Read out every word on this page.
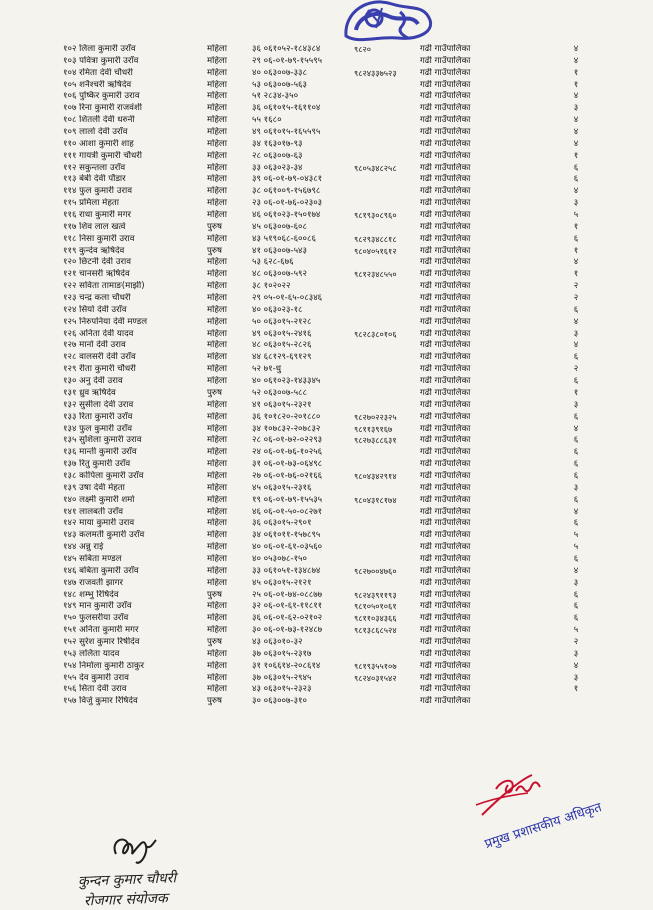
१०२ लिला कुमारी उराँव	महिला	३६ ०६१०५२-१८४३८४	९८२०	गढी गाउँपालिका	४
१०३ पवित्रा कुमारी उराँव	महिला	२९ ०६-०१-७९-१५५९५	गढी गाउँपालिका	४
१०४ रमिता देवी चौधरी	महिला	४० ०६३००७-३३८	९८२४३३७५२३	गढी गाउँपालिका	१
१०५ शनैश्चरी ऋषिदेव	महिला	५३ ०६३००७-५६३	गढी गाउँपालिका	१
१०६ पुष्किर कुमारी उराव	महिला	५१ २८३४-३५०	गढी गाउँपालिका	४
१०७ रिना कुमारी राजवंशी	महिला	३६ ०६१०१५-१६११०४	गढी गाउँपालिका	३
१०८ शितली देवी धरुनी	महिला	५५ १६८०	गढी गाउँपालिका	४
१०९ लालो देवी उराँव	महिला	४९ ०६१०१५-१६५५९५	गढी गाउँपालिका	४
११० आशा कुमारी शाह	महिला	३४ १६३०१७-९३	गढी गाउँपालिका	४
१११ गायत्री कुमारी चौधरी	महिला	२८ ०६३००७-६३	गढी गाउँपालिका	१
११२ सकुन्तला उराँव	महिला	३३ ०६३०२३-३४	९८०५३४८२५८	गढी गाउँपालिका	६
११३ बेबी देवी पौंडार	महिला	३९ ०६-०१-७९-०४३८१	गढी गाउँपालिका	६
११४ फुल कुमारी उराव	महिला	३८ ०६१००९-१५६७९८	गढी गाउँपालिका	४
११५ प्रमिला मेहता	महिला	२३ ०६-०१-७६-०२३०३	गढी गाउँपालिका	३
११६ राधा कुमारी मगर	महिला	४६ ०६१०२३-१५०१७४	९८१९३०८९६०	गढी गाउँपालिका	५
११७ शिव लाल खत्वे	पुरुष	४५ ०६३००७-६०८	गढी गाउँपालिका	१
११८ निसा कुमारी उराव	महिला	४३ ५१९०६८-६००८६	९८२९३४८८१८	गढी गाउँपालिका	६
११९ कुन्देव ऋषिदेव	पुरुष	४१ ०६३००७-५४३	९८०४०५१६१२	गढी गाउँपालिका	१
१२० छिटनी देवी उराव	महिला	५३ ६२८-६७६	गढी गाउँपालिका	४
१२१ चानसरी ऋषिदेव	महिला	४८ ०६३००७-५९२	९८१२३४८५५०	गढी गाउँपालिका	१
१२२ सविता तामाङ(माझी)	महिला	३८ १०२०२२	गढी गाउँपालिका	२
१२३ चन्द्र कला चौधरी	महिला	२९ ०५-०१-६५-०८३४६	गढी गाउँपालिका	२
१२४ सियो देवी उराँव	महिला	४० ०६३०२३-१८	गढी गाउँपालिका	६
१२५ निरुपनिया देवी मण्डल	महिला	५० ०६३०१५-२१२८	गढी गाउँपालिका	४
१२६ अनिता देवी यादव	महिला	४९ ०६३०१५-२४१६	९८२८३८०१०६	गढी गाउँपालिका	३
१२७ मानो देवी उराव	महिला	४८ ०६३०१५-२८२६	गढी गाउँपालिका	४
१२८ वालसरी देवी उराँव	महिला	४४ ६८१२९-६९१२९	गढी गाउँपालिका	६
१२९ रीता कुमारी चौधरी	महिला	५२ ७१-धु	गढी गाउँपालिका	२
१३० अनु देवी उराव	महिला	४० ०६१०२३-१४३३४५	गढी गाउँपालिका	६
१३१ ध्रुव ऋषिदेव	पुरुष	५२ ०६३००७-५८८	गढी गाउँपालिका	१
१३२ सुसीला देवी उराव	महिला	४१ ०६३०१५-२३२१	गढी गाउँपालिका	३
१३३ रिता कुमारी उराँव	महिला	३६ १०१८२०-२०१८८०	९८२७०२२३२५	गढी गाउँपालिका	६
१३४ फुल कुमारी उराँव	महिला	३४ १०७८३२-२०७८३२	९८११३९१६७	गढी गाउँपालिका	४
१३५ सुशिला कुमारी उराव	महिला	२८ ०६-०१-७२-०२२९३	९८२७३८८६३१	गढी गाउँपालिका	६
१३६ मान्ती कुमारी उराँव	महिला	२४ ०६-०१-७६-१०२५६	गढी गाउँपालिका	६
१३७ रितु कुमारी उराँव	महिला	३१ ०६-०१-७३-०६४९८	गढी गाउँपालिका	६
१३८ कोपिला कुमारी उराँव	महिला	२७ ०६-०१-७६-०२१६६	९८०४३४२९१४	गढी गाउँपालिका	६
१३९ उषा देवी मेहता	महिला	४५ ०६३०१५-२३१६	गढी गाउँपालिका	३
१४० लक्ष्मी कुमारी शर्मा	महिला	१९ ०६-०१-७९-१५५३५	९८०४३१८१७४	गढी गाउँपालिका	६
१४१ लालबती उराँव	महिला	४६ ०६-०१-५०-०८२७१	गढी गाउँपालिका	४
१४२ माया कुमारी उराव	महिला	३६ ०६३०१५-२९०१	गढी गाउँपालिका	६
१४३ कलमती कुमारी उराँव	महिला	३४ ०६१०११-१५७८९५	गढी गाउँपालिका	५
१४४ अन्नु राई	महिला	४० ०६-०१-६१-०३५६०	गढी गाउँपालिका	५
१४५ सबिता मण्डल	महिला	४० ०५३०७८-१५०	गढी गाउँपालिका	६
१४६ बबिता कुमारी उराँव	महिला	३३ ०६१०५१-१३४८७४	९८२७००४७६०	गढी गाउँपालिका	४
१४७ राजवती झागर	महिला	४५ ०६३०१५-२१२१	गढी गाउँपालिका	३
१४८ शम्भु रिषिदेव	पुरुष	२५ ०६-०१-७४-०८८७७	९८२४३९११९३	गढी गाउँपालिका	६
१४९ मान कुमारी उराँव	महिला	३२ ०६-०१-६१-११८११	९८१०५०१०६१	गढी गाउँपालिका	६
१५० फुलसरीया उराँव	महिला	३६ ०६-०१-६२-०२१०२	९८११०३४३६६	गढी गाउँपालिका	६
१५१ अनिता कुमारी मगर	महिला	३० ०६-०१-७३-१२४८७	९८१३८६८५२४	गढी गाउँपालिका	५
१५२ सुरेश कुमार रिषीदेव	पुरुष	४३ ०६३०१०-३२	गढी गाउँपालिका	२
१५३ ललिता यादव	महिला	३७ ०६३०१५-२३१७	गढी गाउँपालिका	३
१५४ निर्माला कुमारी ठाकुर	महिला	३१ १०६६१४-२०८६१४	९८१९३५५१०७	गढी गाउँपालिका	४
१५५ देव कुमारी उराव	महिला	३७ ०६३०१५-२९४५	९८२४०३१५४२	गढी गाउँपालिका	३
१५६ सिता देवी उराव	महिला	४३ ०६३०१५-२३२३	गढी गाउँपालिका	१
१५७ विर्जु कुमार रिषिदेव	पुरुष	३० ०६३००७-३१०	गढी गाउँपालिका
कुन्दन कुमार चौधरी
रोजगार संयोजक
प्रमुख प्रशासकीय अधिकृत
